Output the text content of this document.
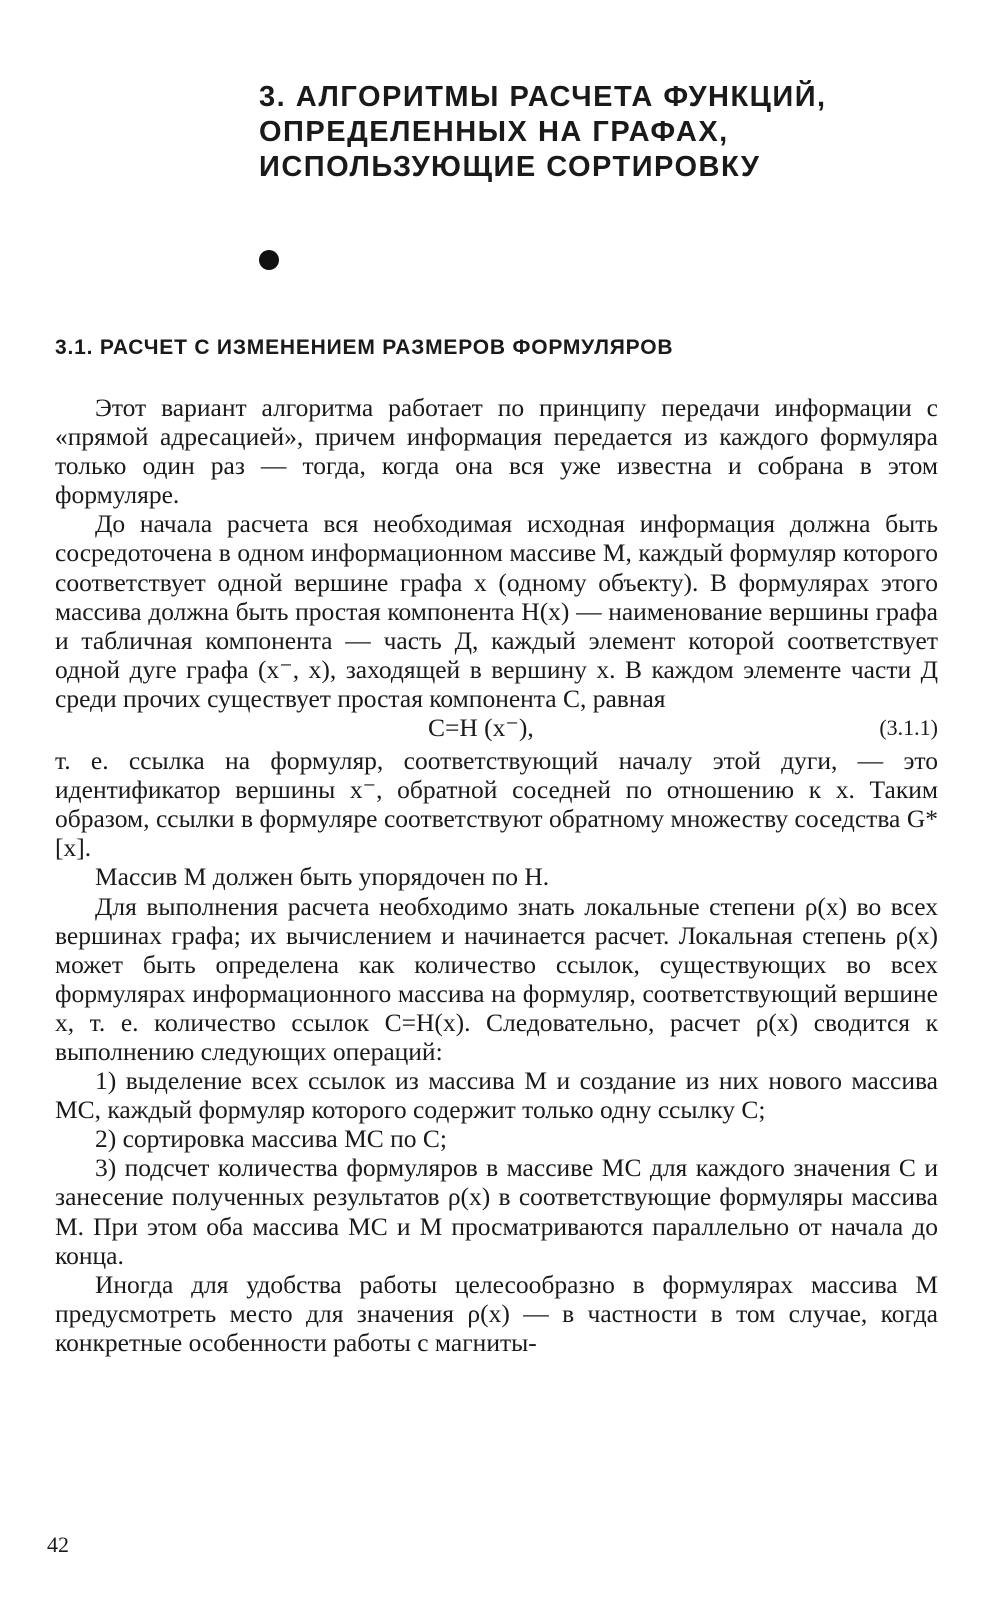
3. АЛГОРИТМЫ РАСЧЕТА ФУНКЦИЙ,
ОПРЕДЕЛЕННЫХ НА ГРАФАХ,
ИСПОЛЬЗУЮЩИЕ СОРТИРОВКУ
3.1. РАСЧЕТ С ИЗМЕНЕНИЕМ РАЗМЕРОВ ФОРМУЛЯРОВ

Этот вариант алгоритма работает по принципу передачи информации с «прямой адресацией», причем информация передается из каждого формуляра только один раз — тогда, когда она вся уже известна и собрана в этом формуляре.

До начала расчета вся необходимая исходная информация должна быть сосредоточена в одном информационном массиве М, каждый формуляр которого соответствует одной вершине графа x (одному объекту). В формулярах этого массива должна быть простая компонента Н(x) — наименование вершины графа и табличная компонента — часть Д, каждый элемент которой соответствует одной дуге графа (x⁻, x), заходящей в вершину x. В каждом элементе части Д среди прочих существует простая компонента С, равная

С=Н (x⁻),	(3.1.1)

т. е. ссылка на формуляр, соответствующий началу этой дуги, — это идентификатор вершины x⁻, обратной соседней по отношению к x. Таким образом, ссылки в формуляре соответствуют обратному множеству соседства G*[x].

Массив М должен быть упорядочен по Н.

Для выполнения расчета необходимо знать локальные степени ρ(x) во всех вершинах графа; их вычислением и начинается расчет. Локальная степень ρ(x) может быть определена как количество ссылок, существующих во всех формулярах информационного массива на формуляр, соответствующий вершине x, т. е. количество ссылок С=Н(x). Следовательно, расчет ρ(x) сводится к выполнению следующих операций:

1) выделение всех ссылок из массива М и создание из них нового массива МС, каждый формуляр которого содержит только одну ссылку С;

2) сортировка массива МС по С;

3) подсчет количества формуляров в массиве МС для каждого значения С и занесение полученных результатов ρ(x) в соответствующие формуляры массива М. При этом оба массива МС и М просматриваются параллельно от начала до конца.

Иногда для удобства работы целесообразно в формулярах массива М предусмотреть место для значения ρ(x) — в частности в том случае, когда конкретные особенности работы с магниты-

42
